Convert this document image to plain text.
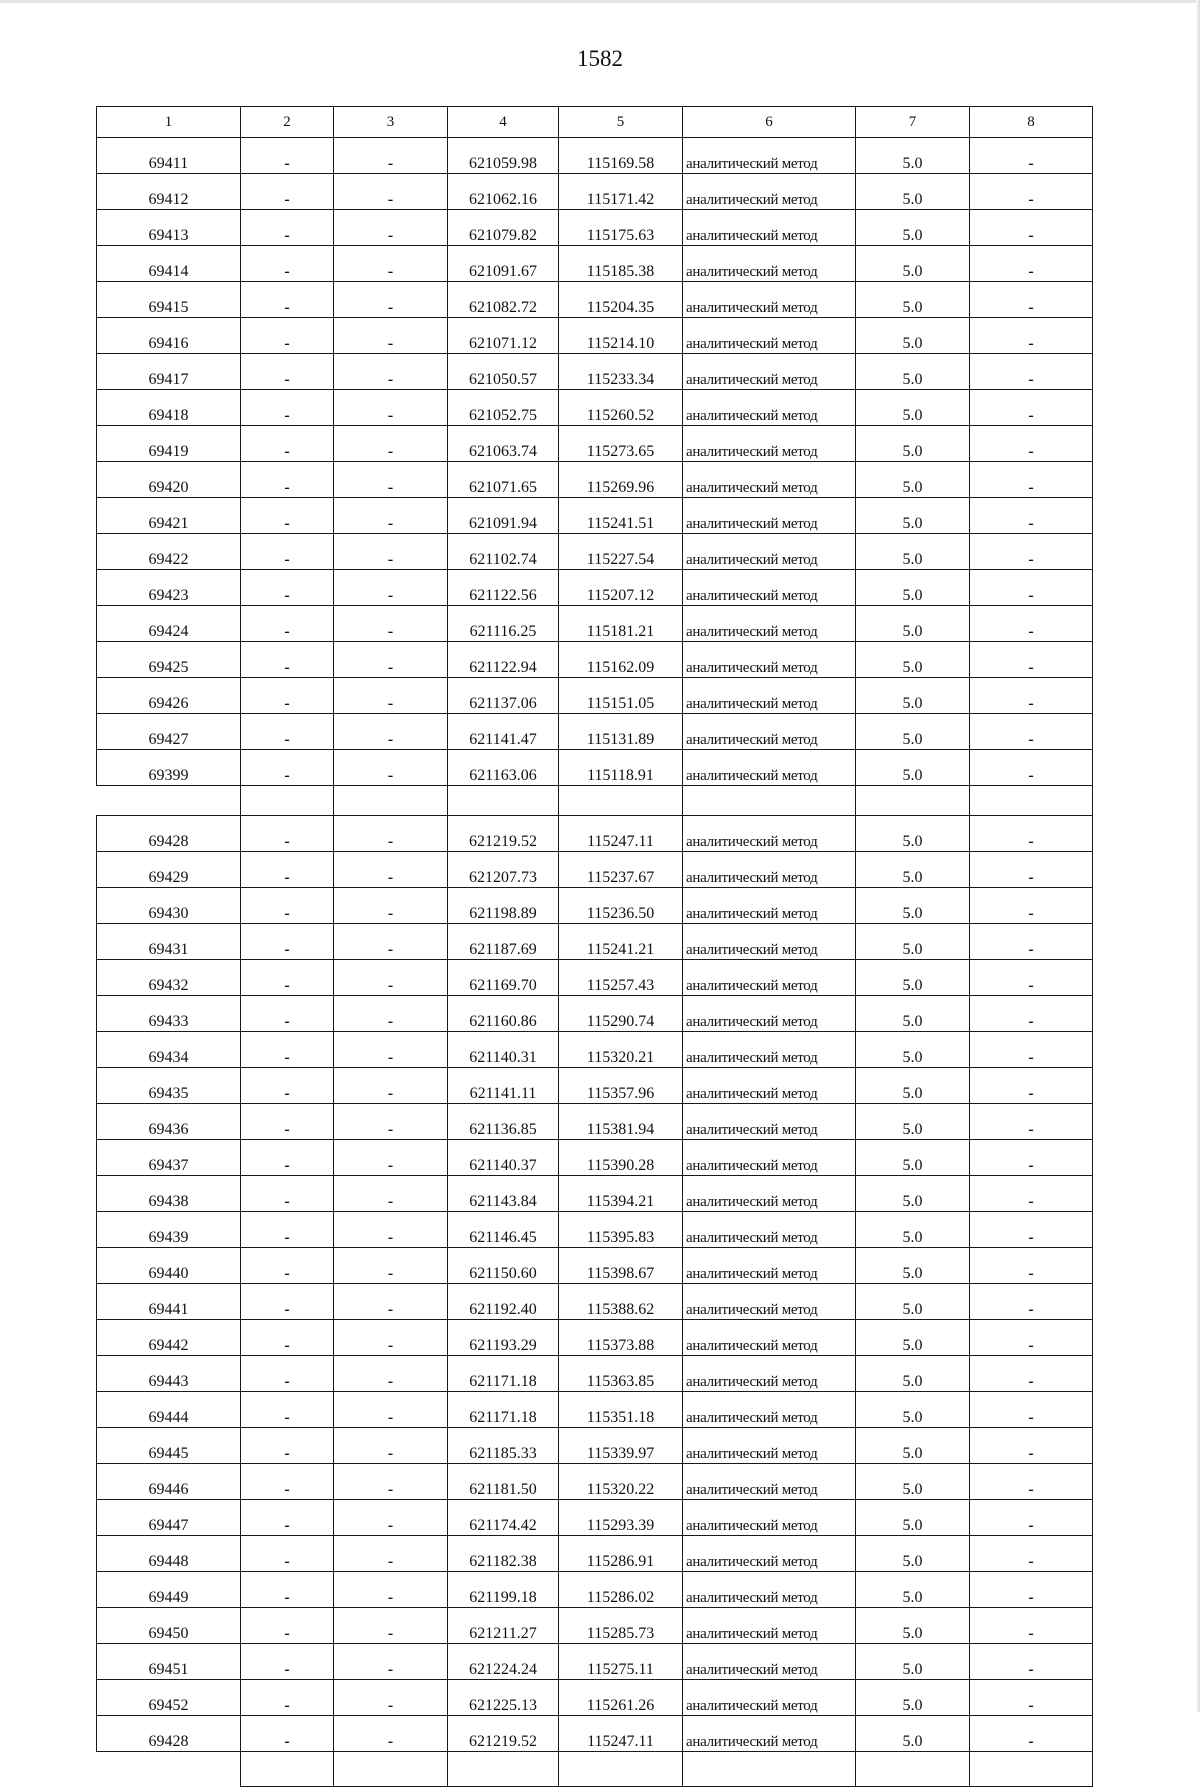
1582
1	2	3	4	5	6	7	8
69411	-	-	621059.98	115169.58	аналитический метод	5.0	-
69412	-	-	621062.16	115171.42	аналитический метод	5.0	-
69413	-	-	621079.82	115175.63	аналитический метод	5.0	-
69414	-	-	621091.67	115185.38	аналитический метод	5.0	-
69415	-	-	621082.72	115204.35	аналитический метод	5.0	-
69416	-	-	621071.12	115214.10	аналитический метод	5.0	-
69417	-	-	621050.57	115233.34	аналитический метод	5.0	-
69418	-	-	621052.75	115260.52	аналитический метод	5.0	-
69419	-	-	621063.74	115273.65	аналитический метод	5.0	-
69420	-	-	621071.65	115269.96	аналитический метод	5.0	-
69421	-	-	621091.94	115241.51	аналитический метод	5.0	-
69422	-	-	621102.74	115227.54	аналитический метод	5.0	-
69423	-	-	621122.56	115207.12	аналитический метод	5.0	-
69424	-	-	621116.25	115181.21	аналитический метод	5.0	-
69425	-	-	621122.94	115162.09	аналитический метод	5.0	-
69426	-	-	621137.06	115151.05	аналитический метод	5.0	-
69427	-	-	621141.47	115131.89	аналитический метод	5.0	-
69399	-	-	621163.06	115118.91	аналитический метод	5.0	-

69428	-	-	621219.52	115247.11	аналитический метод	5.0	-
69429	-	-	621207.73	115237.67	аналитический метод	5.0	-
69430	-	-	621198.89	115236.50	аналитический метод	5.0	-
69431	-	-	621187.69	115241.21	аналитический метод	5.0	-
69432	-	-	621169.70	115257.43	аналитический метод	5.0	-
69433	-	-	621160.86	115290.74	аналитический метод	5.0	-
69434	-	-	621140.31	115320.21	аналитический метод	5.0	-
69435	-	-	621141.11	115357.96	аналитический метод	5.0	-
69436	-	-	621136.85	115381.94	аналитический метод	5.0	-
69437	-	-	621140.37	115390.28	аналитический метод	5.0	-
69438	-	-	621143.84	115394.21	аналитический метод	5.0	-
69439	-	-	621146.45	115395.83	аналитический метод	5.0	-
69440	-	-	621150.60	115398.67	аналитический метод	5.0	-
69441	-	-	621192.40	115388.62	аналитический метод	5.0	-
69442	-	-	621193.29	115373.88	аналитический метод	5.0	-
69443	-	-	621171.18	115363.85	аналитический метод	5.0	-
69444	-	-	621171.18	115351.18	аналитический метод	5.0	-
69445	-	-	621185.33	115339.97	аналитический метод	5.0	-
69446	-	-	621181.50	115320.22	аналитический метод	5.0	-
69447	-	-	621174.42	115293.39	аналитический метод	5.0	-
69448	-	-	621182.38	115286.91	аналитический метод	5.0	-
69449	-	-	621199.18	115286.02	аналитический метод	5.0	-
69450	-	-	621211.27	115285.73	аналитический метод	5.0	-
69451	-	-	621224.24	115275.11	аналитический метод	5.0	-
69452	-	-	621225.13	115261.26	аналитический метод	5.0	-
69428	-	-	621219.52	115247.11	аналитический метод	5.0	-
